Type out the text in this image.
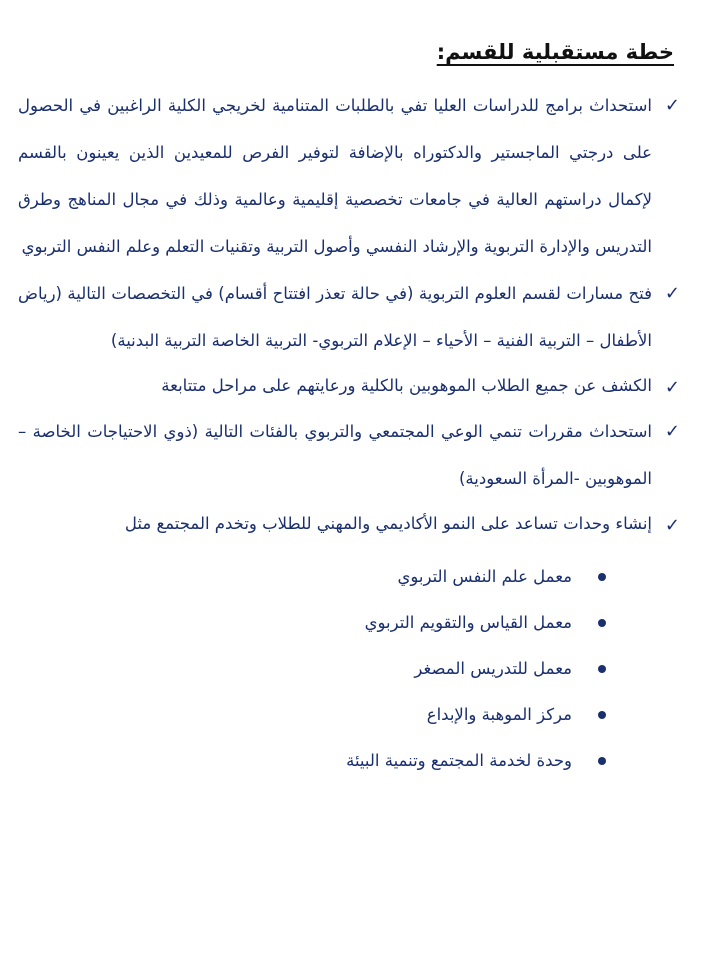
خطة مستقبلية للقسم:
✓
استحداث برامج للدراسات العليا تفي بالطلبات المتنامية لخريجي الكلية الراغبين في الحصول على درجتي الماجستير والدكتوراه بالإضافة لتوفير الفرص للمعيدين الذين يعينون بالقسم لإكمال دراستهم العالية في جامعات تخصصية إقليمية وعالمية وذلك في مجال المناهج وطرق التدريس والإدارة التربوية والإرشاد النفسي وأصول التربية وتقنيات التعلم وعلم النفس التربوي
✓
فتح مسارات لقسم العلوم التربوية (في حالة تعذر افتتاح أقسام) في التخصصات التالية (رياض الأطفال – التربية الفنية – الأحياء – الإعلام التربوي- التربية الخاصة التربية البدنية)
✓
الكشف عن جميع الطلاب الموهوبين بالكلية ورعايتهم على مراحل متتابعة
✓
استحداث مقررات تنمي الوعي المجتمعي والتربوي بالفئات التالية (ذوي الاحتياجات الخاصة – الموهوبين -المرأة السعودية)
✓
إنشاء وحدات تساعد على النمو الأكاديمي والمهني للطلاب وتخدم المجتمع مثل
معمل علم النفس التربوي
معمل القياس والتقويم التربوي
معمل للتدريس المصغر
مركز الموهبة والإبداع
وحدة لخدمة المجتمع وتنمية البيئة
